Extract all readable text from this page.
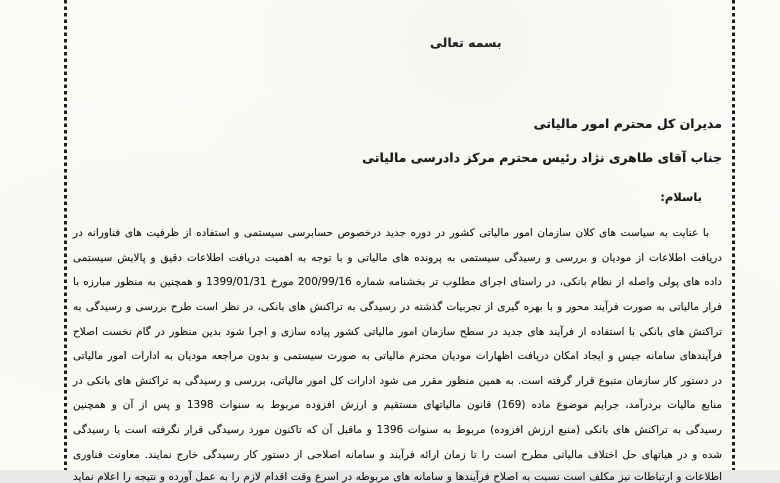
بسمه تعالی
مدیران کل محترم امور مالیاتی
جناب آقای طاهری نژاد رئیس محترم مرکز دادرسی مالیاتی
باسلام:
با عنایت به سیاست های کلان سازمان امور مالیاتی کشور در دوره جدید درخصوص حسابرسی سیستمی و استفاده از ظرفیت های فناورانه در
دریافت اطلاعات از مودیان و بررسی و رسیدگی سیستمی به پرونده های مالیاتی و با توجه به اهمیت دریافت اطلاعات دقیق و پالایش سیستمی
داده های پولی واصله از نظام بانکی، در راستای اجرای مطلوب تر بخشنامه شماره 200/99/16 مورخ 1399/01/31 و همچنین به منظور مبارزه با
فرار مالیاتی به صورت فرآیند محور و با بهره گیری از تجربیات گذشته در رسیدگی به تراکنش های بانکی، در نظر است طرح بررسی و رسیدگی به
تراکنش های بانکی با استفاده از فرآیند های جدید در سطح سازمان امور مالیاتی کشور پیاده سازی و اجرا شود بدین منظور در گام نخست اصلاح
فرآیندهای سامانه جیس و ایجاد امکان دریافت اظهارات مودیان محترم مالیاتی به صورت سیستمی و بدون مراجعه مودیان به ادارات امور مالیاتی
در دستور کار سازمان متبوع قرار گرفته است. به همین منظور مقرر می شود ادارات کل امور مالیاتی، بررسی و رسیدگی به تراکنش های بانکی در
منابع مالیات بردرآمد، جرایم موضوع ماده (169) قانون مالیاتهای مستقیم و ارزش افزوده مربوط به سنوات 1398 و پس از آن و همچنین
رسیدگی به تراکنش های بانکی (منبع ارزش افزوده) مربوط به سنوات 1396 و ماقبل آن که تاکنون مورد رسیدگی قرار نگرفته است یا رسیدگی
شده و در هیاتهای حل اختلاف مالیاتی مطرح است را تا زمان ارائه فرآیند و سامانه اصلاحی از دستور کار رسیدگی خارج نمایند. معاونت فناوری
اطلاعات و ارتباطات نیز مکلف است نسبت به اصلاح فرآیندها و سامانه های مربوطه در اسرع وقت اقدام لازم را به عمل آورده و نتیجه را اعلام نماید
